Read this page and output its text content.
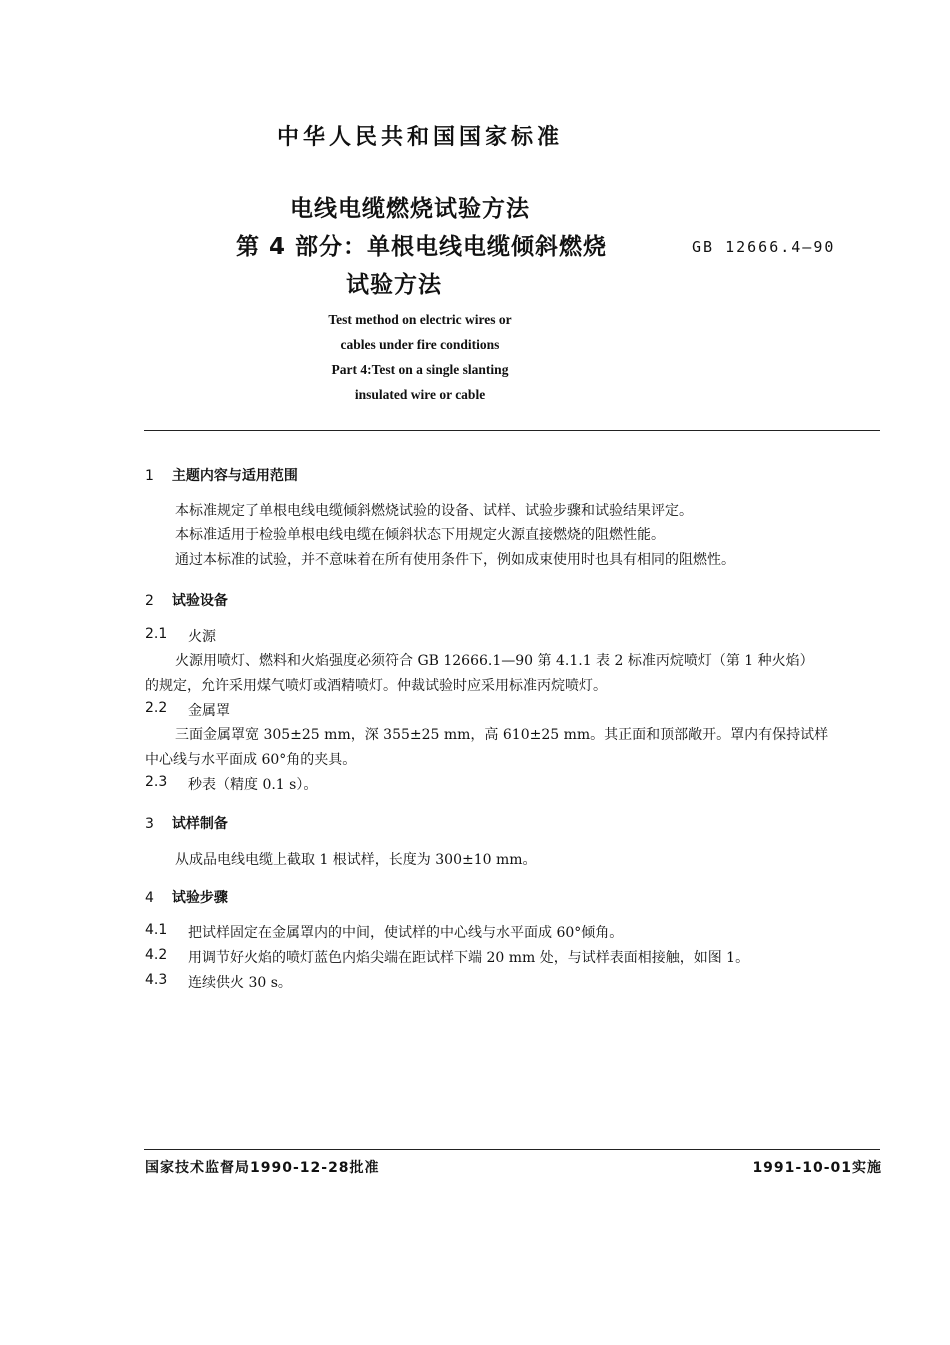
中华人民共和国国家标准
电线电缆燃烧试验方法
第 4 部分：单根电线电缆倾斜燃烧
试验方法
GB 12666.4—90
Test method on electric wires or
cables under fire conditions
Part 4:Test on a single slanting
insulated wire or cable
1 主题内容与适用范围
本标准规定了单根电线电缆倾斜燃烧试验的设备、试样、试验步骤和试验结果评定。
本标准适用于检验单根电线电缆在倾斜状态下用规定火源直接燃烧的阻燃性能。
通过本标准的试验，并不意味着在所有使用条件下，例如成束使用时也具有相同的阻燃性。
2 试验设备
2.1 火源
火源用喷灯、燃料和火焰强度必须符合 GB 12666.1—90 第 4.1.1 表 2 标准丙烷喷灯（第 1 种火焰）
的规定，允许采用煤气喷灯或酒精喷灯。仲裁试验时应采用标准丙烷喷灯。
2.2 金属罩
三面金属罩宽 305±25 mm，深 355±25 mm，高 610±25 mm。其正面和顶部敞开。罩内有保持试样
中心线与水平面成 60°角的夹具。
2.3 秒表（精度 0.1 s）。
3 试样制备
从成品电线电缆上截取 1 根试样，长度为 300±10 mm。
4 试验步骤
4.1 把试样固定在金属罩内的中间，使试样的中心线与水平面成 60°倾角。
4.2 用调节好火焰的喷灯蓝色内焰尖端在距试样下端 20 mm 处，与试样表面相接触，如图 1。
4.3 连续供火 30 s。
国家技术监督局1990-12-28批准	1991-10-01实施
